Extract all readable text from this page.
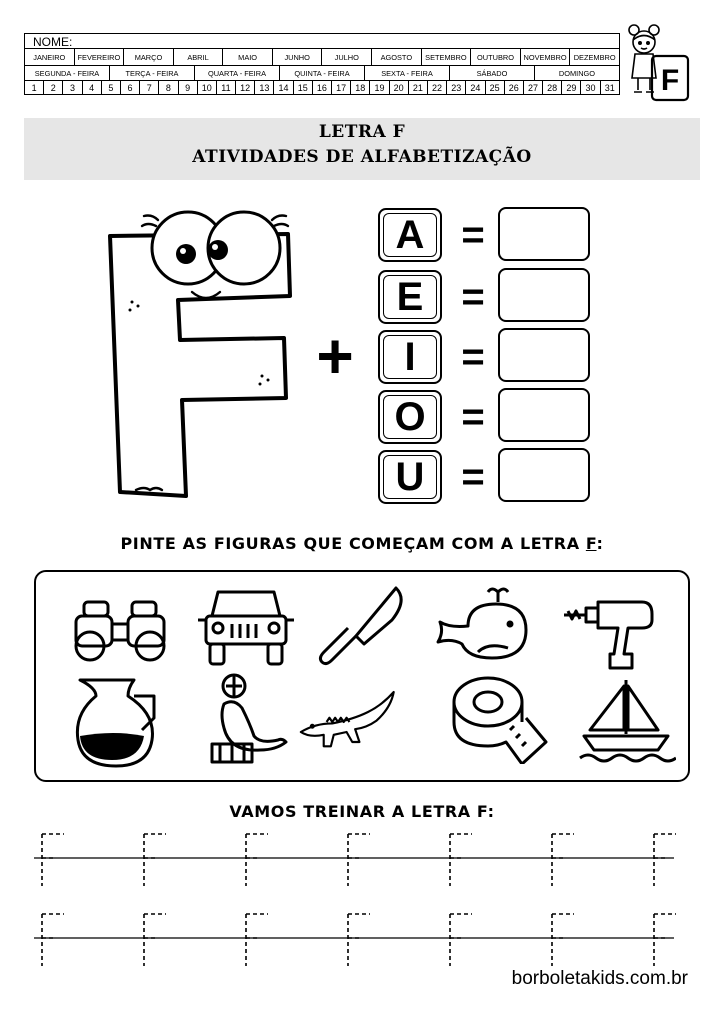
NOME:
JANEIRO	FEVEREIRO	MARÇO	ABRIL	MAIO	JUNHO	JULHO	AGOSTO	SETEMBRO	OUTUBRO	NOVEMBRO DEZEMBRO
SEGUNDA - FEIRA	TERÇA - FEIRA	QUARTA - FEIRA	QUINTA - FEIRA	SEXTA - FEIRA	SÁBADO	DOMINGO
1	2	3	4	5	6	7	8	9	10	11	12	13	14	15	16	17	18	19	20	21	22	23	24	25	26	27	28	29	30	31 F
LETRA F
ATIVIDADES DE ALFABETIZAÇÃO
+
A =
E =
I	=
O =
U =
PINTE AS FIGURAS QUE COMEÇAM COM A LETRA F:
VAMOS TREINAR A LETRA F:
borboletakids.com.br
